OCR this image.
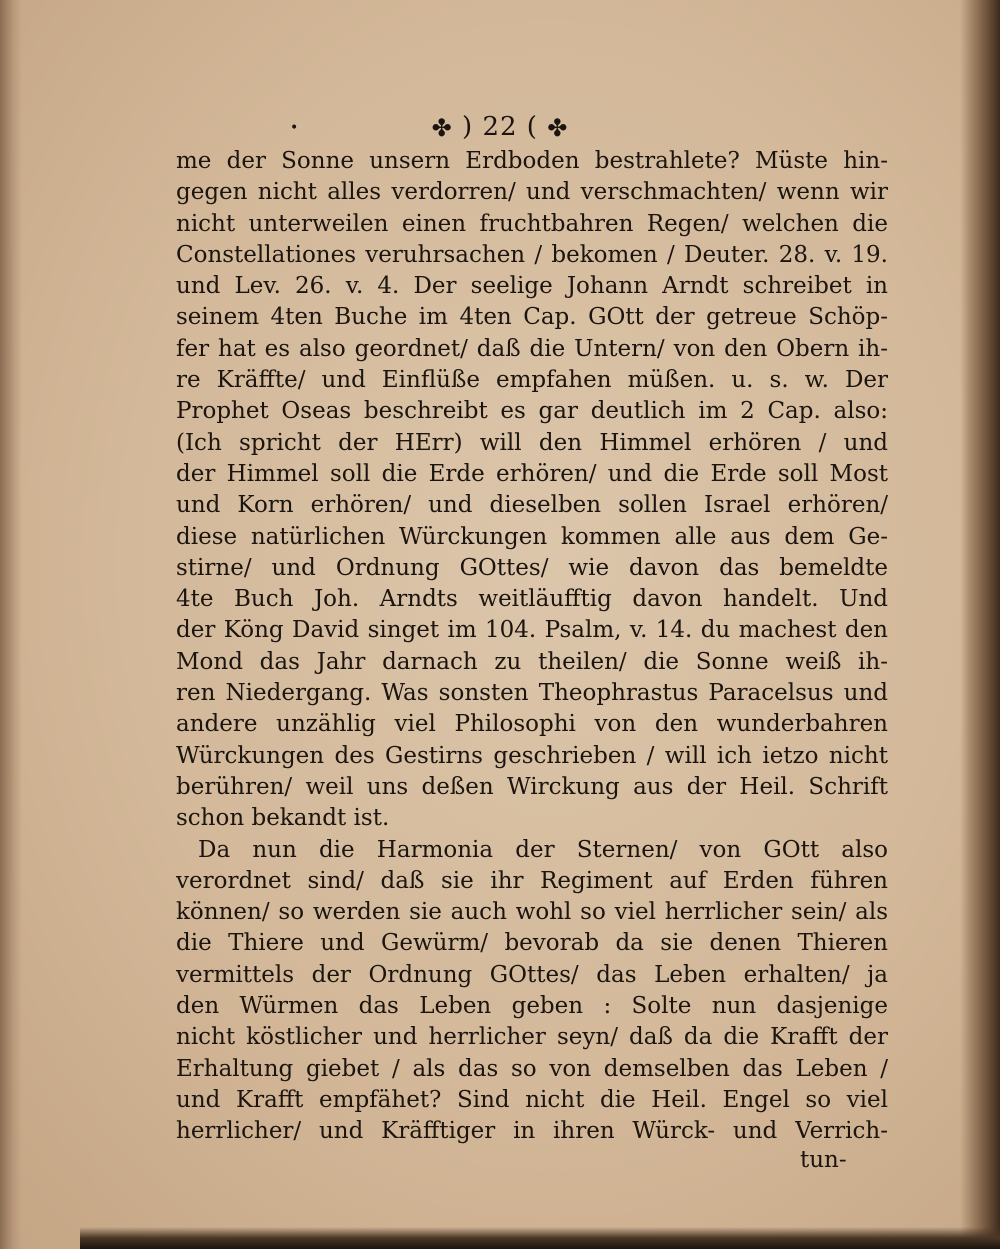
•	✤ ) 22 ( ✤
me der Sonne unsern Erdboden bestrahlete? Müste hin-
gegen nicht alles verdorren/ und verschmachten/ wenn wir
nicht unterweilen einen fruchtbahren Regen/ welchen die
Constellationes veruhrsachen / bekomen / Deuter. 28. v. 19.
und Lev. 26. v. 4. Der seelige Johann Arndt schreibet in
seinem 4ten Buche im 4ten Cap. GOtt der getreue Schöp-
fer hat es also geordnet/ daß die Untern/ von den Obern ih-
re Kräffte/ und Einflüße empfahen müßen. u. s. w. Der
Prophet Oseas beschreibt es gar deutlich im 2 Cap. also:
(Ich spricht der HErr) will den Himmel erhören / und
der Himmel soll die Erde erhören/ und die Erde soll Most
und Korn erhören/ und dieselben sollen Israel erhören/
diese natürlichen Würckungen kommen alle aus dem Ge-
stirne/ und Ordnung GOttes/ wie davon das bemeldte
4te Buch Joh. Arndts weitläufftig davon handelt. Und
der Köng David singet im 104. Psalm, v. 14. du machest den
Mond das Jahr darnach zu theilen/ die Sonne weiß ih-
ren Niedergang. Was sonsten Theophrastus Paracelsus und
andere unzählig viel Philosophi von den wunderbahren
Würckungen des Gestirns geschrieben / will ich ietzo nicht
berühren/ weil uns deßen Wirckung aus der Heil. Schrift
schon bekandt ist.
Da nun die Harmonia der Sternen/ von GOtt also
verordnet sind/ daß sie ihr Regiment auf Erden führen
können/ so werden sie auch wohl so viel herrlicher sein/ als
die Thiere und Gewürm/ bevorab da sie denen Thieren
vermittels der Ordnung GOttes/ das Leben erhalten/ ja
den Würmen das Leben geben : Solte nun dasjenige
nicht köstlicher und herrlicher seyn/ daß da die Krafft der
Erhaltung giebet / als das so von demselben das Leben /
und Krafft empfähet? Sind nicht die Heil. Engel so viel
herrlicher/ und Kräfftiger in ihren Würck- und Verrich-
tun-
